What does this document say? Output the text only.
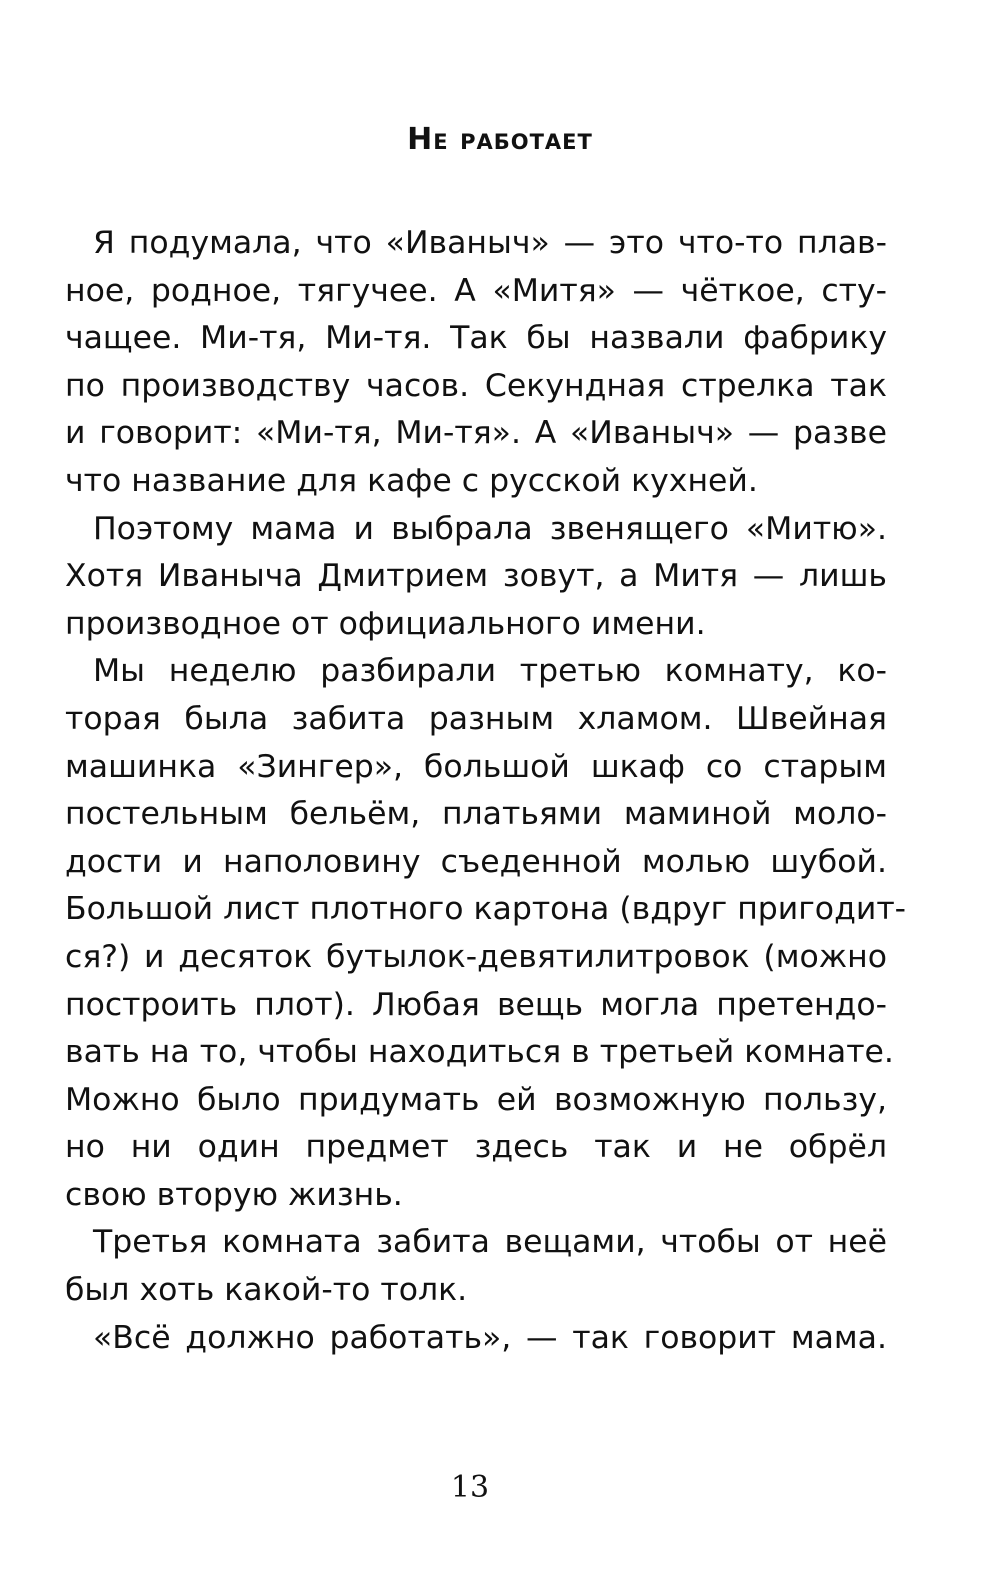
Не работает
Я подумала, что «Иваныч» — это что-то плав-
ное, родное, тягучее. А «Митя» — чёткое, сту-
чащее. Ми-тя, Ми-тя. Так бы назвали фабрику
по производству часов. Секундная стрелка так
и говорит: «Ми-тя, Ми-тя». А «Иваныч» — разве
что название для кафе с русской кухней.
Поэтому мама и выбрала звенящего «Митю».
Хотя Иваныча Дмитрием зовут, а Митя — лишь
производное от официального имени.
Мы неделю разбирали третью комнату, ко-
торая была забита разным хламом. Швейная
машинка «Зингер», большой шкаф со старым
постельным бельём, платьями маминой моло-
дости и наполовину съеденной молью шубой.
Большой лист плотного картона (вдруг пригодит-
ся?) и десяток бутылок-девятилитровок (можно
построить плот). Любая вещь могла претендо-
вать на то, чтобы находиться в третьей комнате.
Можно было придумать ей возможную пользу,
но ни один предмет здесь так и не обрёл
свою вторую жизнь.
Третья комната забита вещами, чтобы от неё
был хоть какой-то толк.
«Всё должно работать», — так говорит мама.
13
